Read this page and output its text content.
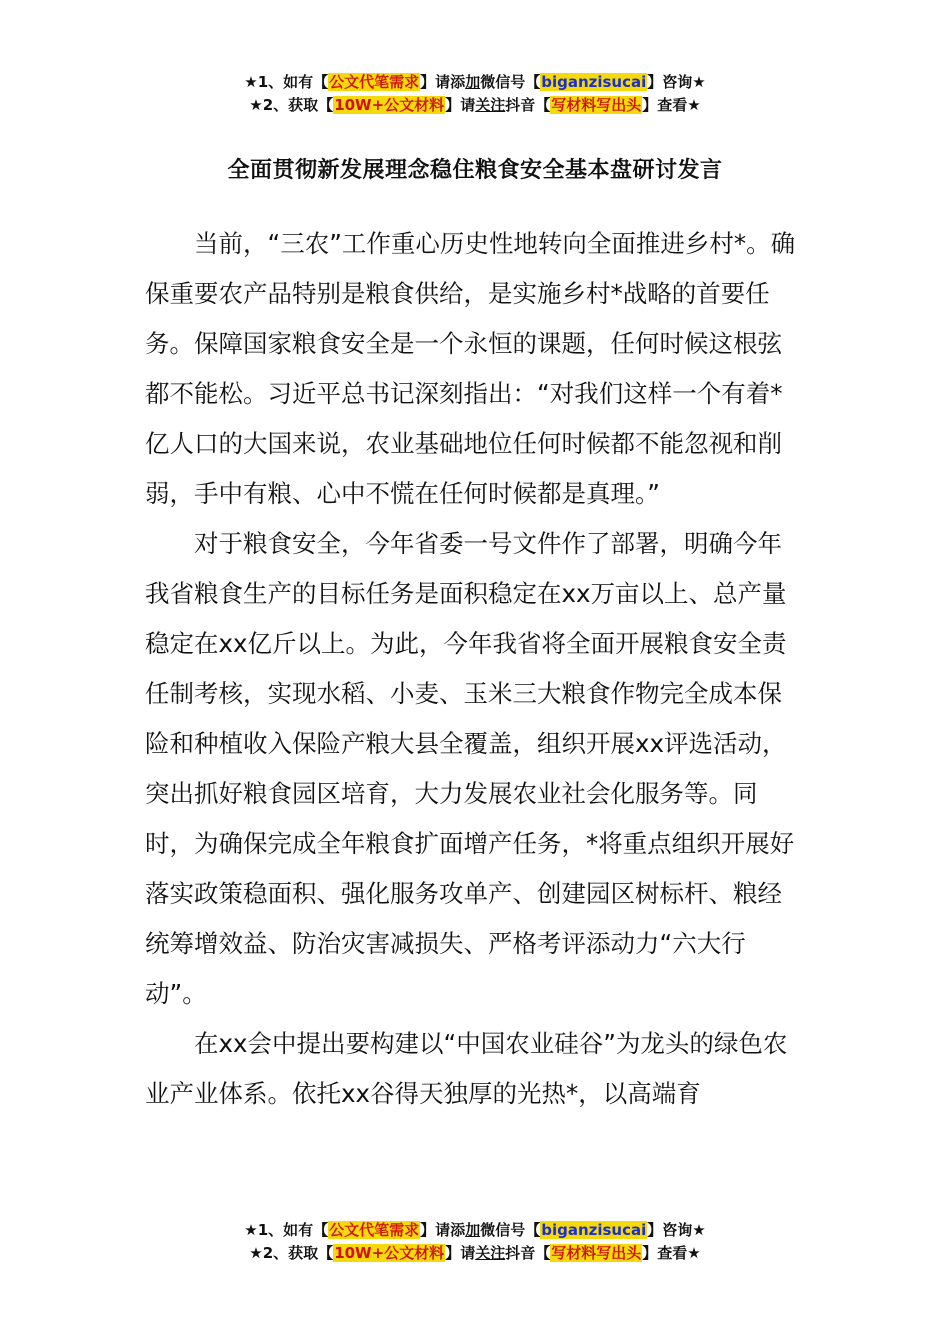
★1、如有【公文代笔需求】请添加微信号【biganzisucai】咨询★
★2、获取【10W+公文材料】请关注抖音【写材料写出头】查看★
全面贯彻新发展理念稳住粮食安全基本盘研讨发言

当前，“三农”工作重心历史性地转向全面推进乡村*。确保重要农产品特别是粮食供给，是实施乡村*战略的首要任务。保障国家粮食安全是一个永恒的课题，任何时候这根弦都不能松。习近平总书记深刻指出：“对我们这样一个有着*亿人口的大国来说，农业基础地位任何时候都不能忽视和削弱，手中有粮、心中不慌在任何时候都是真理。”

对于粮食安全，今年省委一号文件作了部署，明确今年我省粮食生产的目标任务是面积稳定在xx万亩以上、总产量稳定在xx亿斤以上。为此，今年我省将全面开展粮食安全责任制考核，实现水稻、小麦、玉米三大粮食作物完全成本保险和种植收入保险产粮大县全覆盖，组织开展xx评选活动，突出抓好粮食园区培育，大力发展农业社会化服务等。同时，为确保完成全年粮食扩面增产任务，*将重点组织开展好落实政策稳面积、强化服务攻单产、创建园区树标杆、粮经统筹增效益、防治灾害减损失、严格考评添动力“六大行动”。

在xx会中提出要构建以“中国农业硅谷”为龙头的绿色农业产业体系。依托xx谷得天独厚的光热*，以高端育

★1、如有【公文代笔需求】请添加微信号【biganzisucai】咨询★
★2、获取【10W+公文材料】请关注抖音【写材料写出头】查看★
